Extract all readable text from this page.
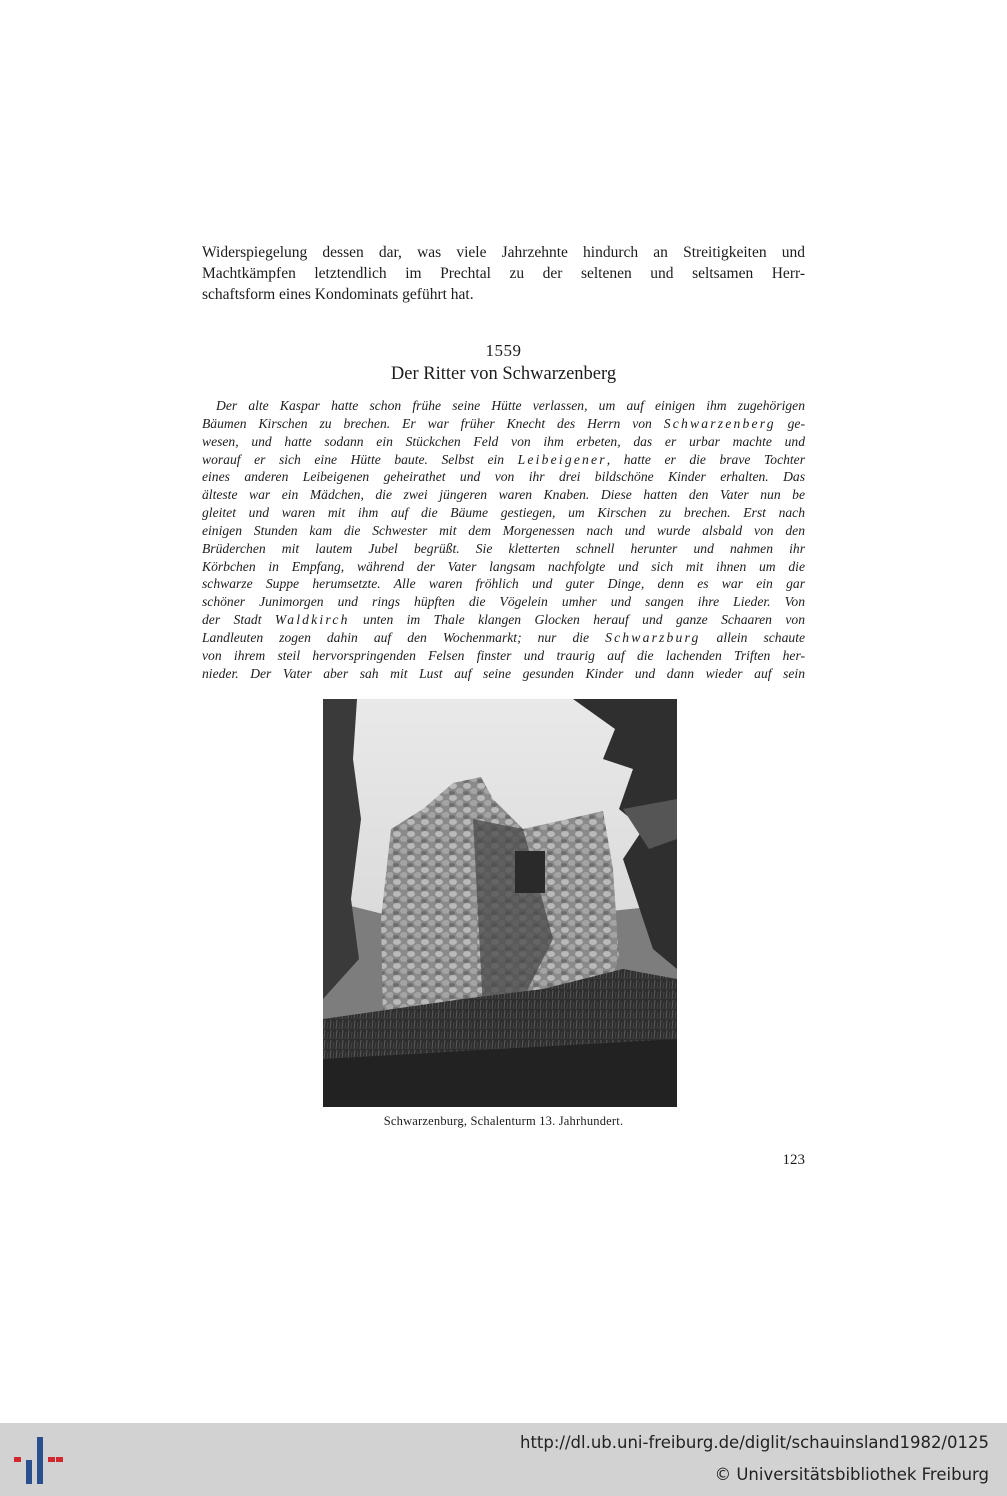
Widerspiegelung dessen dar, was viele Jahrzehnte hindurch an Streitigkeiten und
Machtkämpfen letztendlich im Prechtal zu der seltenen und seltsamen Herr-
schaftsform eines Kondominats geführt hat.
1559
Der Ritter von Schwarzenberg
Der alte Kaspar hatte schon frühe seine Hütte verlassen, um auf einigen ihm zugehörigen
Bäumen Kirschen zu brechen. Er war früher Knecht des Herrn von Schwarzenberg ge-
wesen, und hatte sodann ein Stückchen Feld von ihm erbeten, das er urbar machte und
worauf er sich eine Hütte baute. Selbst ein Leibeigener, hatte er die brave Tochter
eines anderen Leibeigenen geheirathet und von ihr drei bildschöne Kinder erhalten. Das
älteste war ein Mädchen, die zwei jüngeren waren Knaben. Diese hatten den Vater nun be
gleitet und waren mit ihm auf die Bäume gestiegen, um Kirschen zu brechen. Erst nach
einigen Stunden kam die Schwester mit dem Morgenessen nach und wurde alsbald von den
Brüderchen mit lautem Jubel begrüßt. Sie kletterten schnell herunter und nahmen ihr
Körbchen in Empfang, während der Vater langsam nachfolgte und sich mit ihnen um die
schwarze Suppe herumsetzte. Alle waren fröhlich und guter Dinge, denn es war ein gar
schöner Junimorgen und rings hüpften die Vögelein umher und sangen ihre Lieder. Von
der Stadt Waldkirch unten im Thale klangen Glocken herauf und ganze Schaaren von
Landleuten zogen dahin auf den Wochenmarkt; nur die Schwarzburg allein schaute
von ihrem steil hervorspringenden Felsen finster und traurig auf die lachenden Triften her-
nieder. Der Vater aber sah mit Lust auf seine gesunden Kinder und dann wieder auf sein
Schwarzenburg, Schalenturm 13. Jahrhundert.
123
http://dl.ub.uni-freiburg.de/diglit/schauinsland1982/0125
© Universitätsbibliothek Freiburg
